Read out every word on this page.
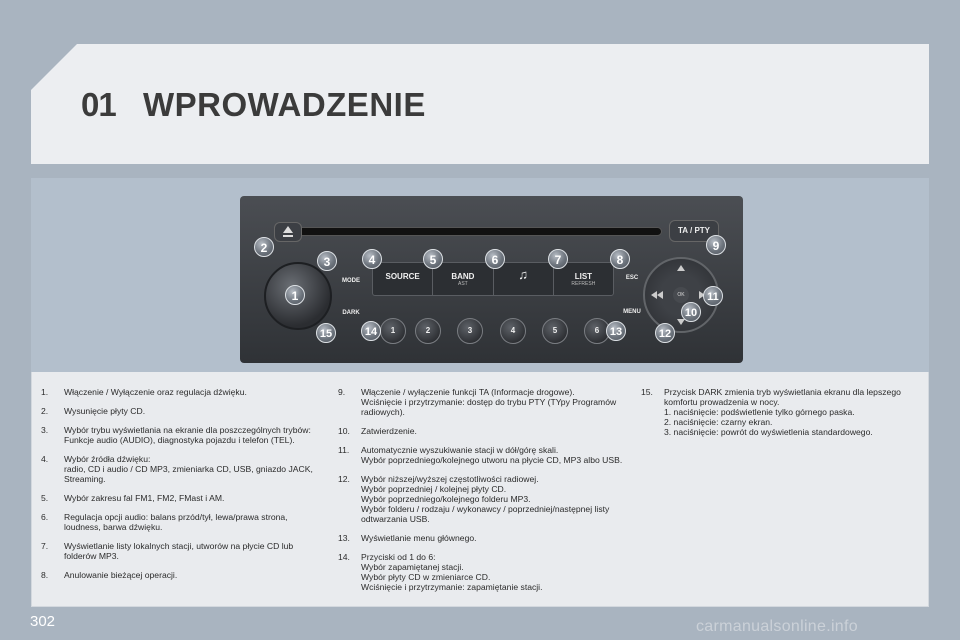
01 WPROWADZENIE
TA / PTY
MODE
DARK
SOURCE	BAND
AST
♫	LIST
REFRESH
ESC
MENU
OK
1	2	3	4	5	6
1
2
3	4	5	6	7	8
9
10
11
12
13
14
15
1.	Włączenie / Wyłączenie oraz regulacja dźwięku.
2.	Wysunięcie płyty CD.
3.	Wybór trybu wyświetlania na ekranie dla poszczególnych trybów:
Funkcje audio (AUDIO), diagnostyka pojazdu i telefon (TEL).
4.	Wybór źródła dźwięku:
radio, CD i audio / CD MP3, zmieniarka CD, USB, gniazdo JACK, Streaming.
5.	Wybór zakresu fal FM1, FM2, FMast i AM.
6.	Regulacja opcji audio: balans przód/tył, lewa/prawa strona, loudness, barwa dźwięku.
7.	Wyświetlanie listy lokalnych stacji, utworów na płycie CD lub folderów MP3.
8.	Anulowanie bieżącej operacji.
9.	Włączenie / wyłączenie funkcji TA (Informacje drogowe).
Wciśnięcie i przytrzymanie: dostęp do trybu PTY (TYpy Programów radiowych).
10.	Zatwierdzenie.
11.	Automatycznie wyszukiwanie stacji w dół/górę skali.
Wybór poprzedniego/kolejnego utworu na płycie CD, MP3 albo USB.
12.	Wybór niższej/wyższej częstotliwości radiowej.
Wybór poprzedniej / kolejnej płyty CD.
Wybór poprzedniego/kolejnego folderu MP3.
Wybór folderu / rodzaju / wykonawcy / poprzedniej/następnej listy odtwarzania USB.
13.	Wyświetlanie menu głównego.
14.	Przyciski od 1 do 6:
Wybór zapamiętanej stacji.
Wybór płyty CD w zmieniarce CD.
Wciśnięcie i przytrzymanie: zapamiętanie stacji.
15.	Przycisk DARK zmienia tryb wyświetlania ekranu dla lepszego komfortu prowadzenia w nocy.
1. naciśnięcie: podświetlenie tylko górnego paska.
2. naciśnięcie: czarny ekran.
3. naciśnięcie: powrót do wyświetlenia standardowego.
302	carmanualsonline.info
